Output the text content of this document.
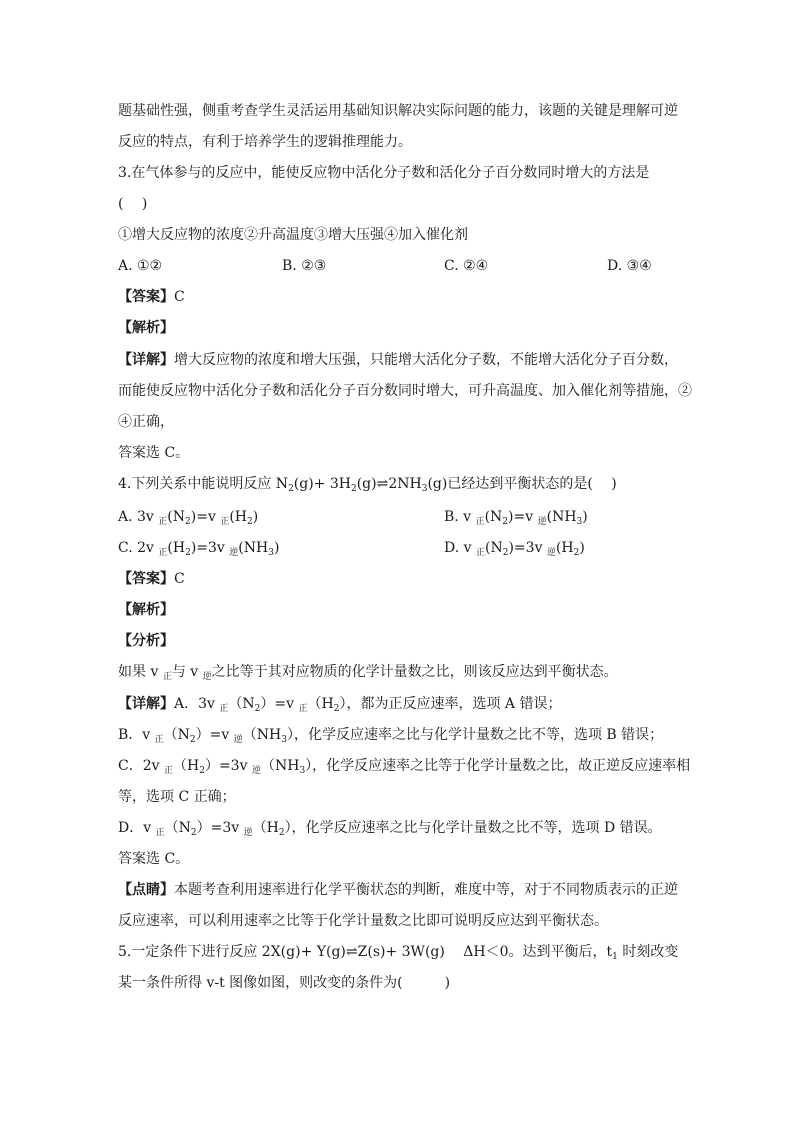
题基础性强，侧重考查学生灵活运用基础知识解决实际问题的能力，该题的关键是理解可逆
反应的特点，有利于培养学生的逻辑推理能力。
3.在气体参与的反应中，能使反应物中活化分子数和活化分子百分数同时增大的方法是
(　 )
①增大反应物的浓度②升高温度③增大压强④加入催化剂
A. ①②	B. ②③	C. ②④	D. ③④
【答案】C
【解析】
【详解】增大反应物的浓度和增大压强，只能增大活化分子数，不能增大活化分子百分数，
而能使反应物中活化分子数和活化分子百分数同时增大，可升高温度、加入催化剂等措施，②
④正确，
答案选 C。
4.下列关系中能说明反应 $N_2(g)+$ $3H_2(g)\rightleftharpoons 2NH_3(g)$已经达到平衡状态的是(　 )
A. 3v $_正(N_2)=v$ $_正(H_2)$	B. v $_正(N_2)=v$ $_逆(NH_3)$
C. 2v $_正(H_2)=3v$ $_逆(NH_3)$	D. v $_正(N_2)=3v$ $_逆(H_2)$
【答案】C
【解析】
【分析】
如果 v $_正$与 v $_逆$之比等于其对应物质的化学计量数之比，则该反应达到平衡状态。
【详解】A．3v $_正(N_2)=v$ $_正(H_2)$，都为正反应速率，选项 A 错误；
B．v $_正(N_2)=v$ $_逆(NH_3)$，化学反应速率之比与化学计量数之比不等，选项 B 错误；
C．2v $_正(H_2)=3v$ $_逆(NH_3)$，化学反应速率之比等于化学计量数之比，故正逆反应速率相
等，选项 C 正确；
D．v $_正(N_2)=3v$ $_逆(H_2)$，化学反应速率之比与化学计量数之比不等，选项 D 错误。
答案选 C。
【点睛】本题考查利用速率进行化学平衡状态的判断，难度中等，对于不同物质表示的正逆
反应速率，可以利用速率之比等于化学计量数之比即可说明反应达到平衡状态。
5.一定条件下进行反应 2X(g)+ Y(g)⇌Z(s)+ 3W(g)　 ΔH＜0。达到平衡后，$t_1$ 时刻改变
某一条件所得 v-t 图像如图，则改变的条件为(　　　)
